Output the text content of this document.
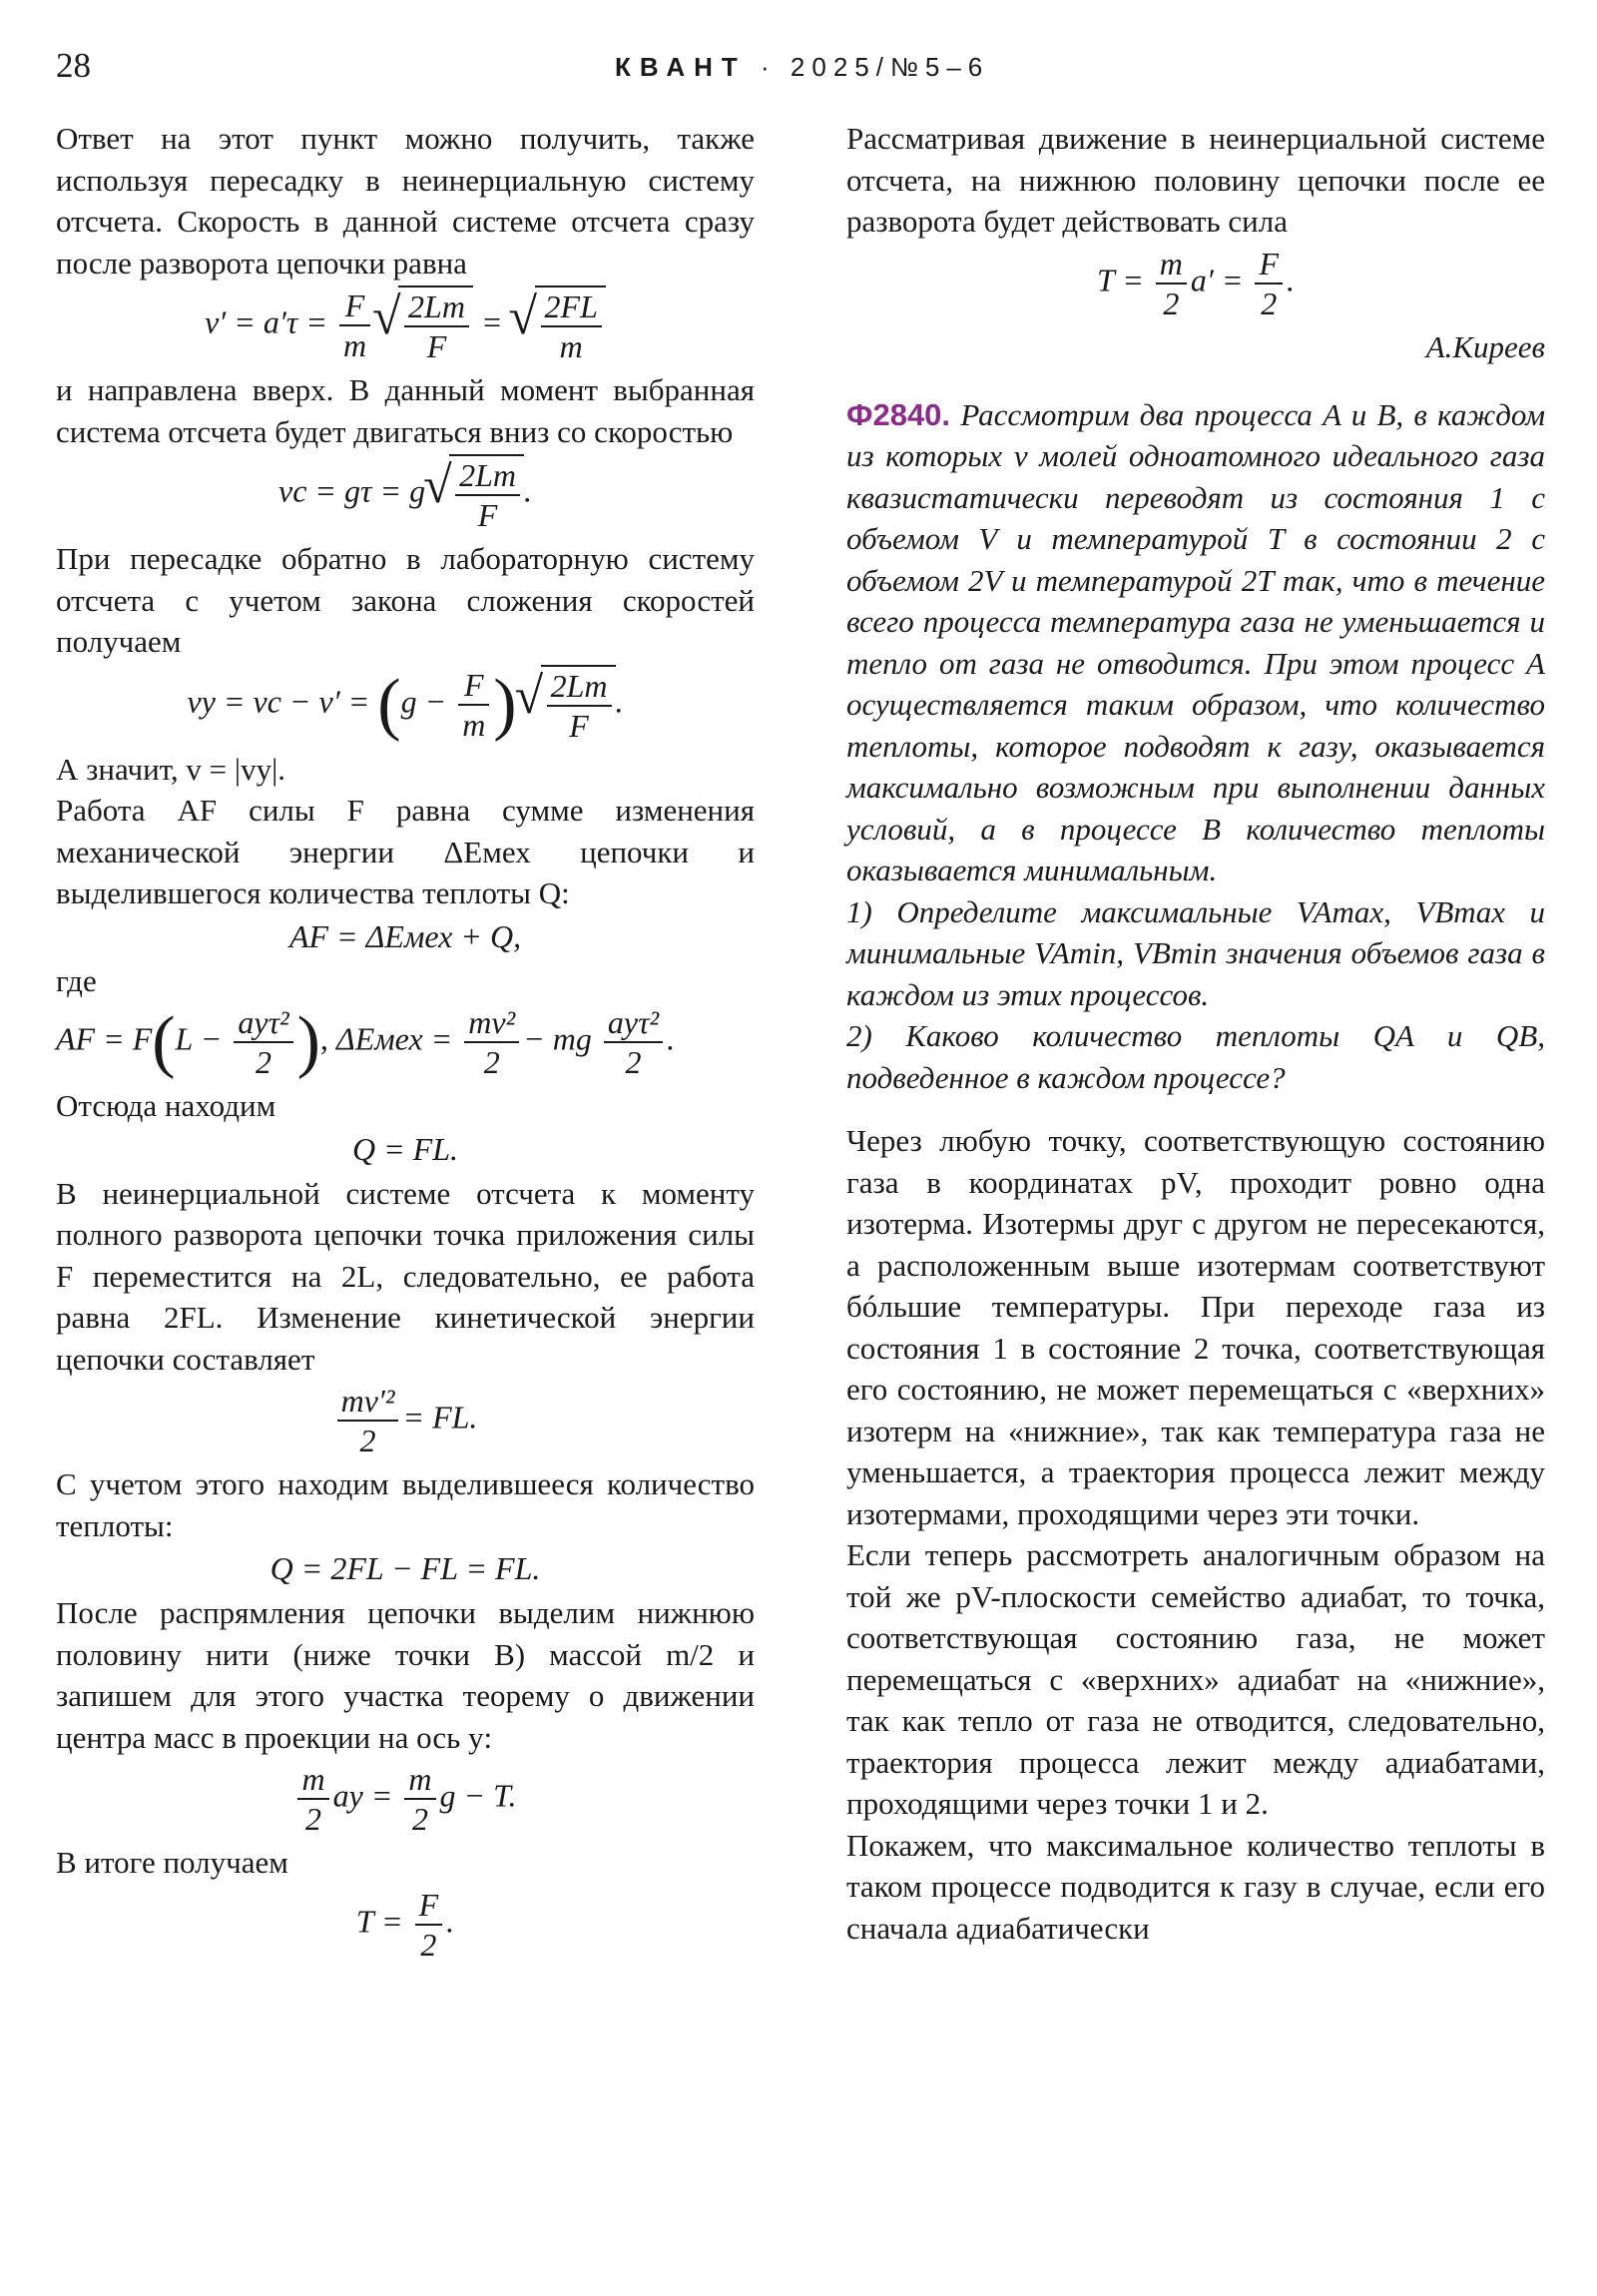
28	КВАНТ · 2025/№5–6

Ответ на этот пункт можно получить, также используя пересадку в неинерциальную систему отсчета. Скорость в данной системе отсчета сразу после разворота цепочки равна

$v' = a'\tau = \frac{F}{m}$ √ $\frac{2Lm}{F}$ = √ $\frac{2FL}{m}$

и направлена вверх. В данный момент выбранная система отсчета будет двигаться вниз со скоростью

vc = gτ = g √ $\frac{2Lm}{F}$ .

При пересадке обратно в лабораторную систему отсчета с учетом закона сложения скоростей получаем

vy = vc − $v' = (g - \frac{F}{m}$ ) √ $\frac{2Lm}{F}$ .

А значит, v = |vy|.

Работа AF силы F равна сумме изменения механической энергии ΔEмех цепочки и выделившегося количества теплоты Q:

AF = ΔEмех + Q,

где

AF = $F(L - \frac{\text{ayτ²}}{2}$ ), ΔEмех = $\frac{\text{mv²}}{2}$ − mg $\frac{\text{ayτ²}}{2}$ .

Отсюда находим

Q = FL.

В неинерциальной системе отсчета к моменту полного разворота цепочки точка приложения силы F переместится на 2L, следовательно, ее работа равна 2FL. Изменение кинетической энергии цепочки составляет

$\frac{\text{mv′²}}{2}$ = FL.

С учетом этого находим выделившееся количество теплоты:

Q = 2FL − FL = FL.

После распрямления цепочки выделим нижнюю половину нити (ниже точки B) массой m/2 и запишем для этого участка теорему о движении центра масс в проекции на ось y:

$\frac{m}{2}$ ay = $\frac{m}{2}$ g − T.

В итоге получаем

$T = \frac{F}{2}$ .

Рассматривая движение в неинерциальной системе отсчета, на нижнюю половину цепочки после ее разворота будет действовать сила

$T = \frac{m}{2} a' = \frac{F}{2}$ .
А.Киреев

Ф2840. Рассмотрим два процесса A и B, в каждом из которых ν молей одноатомного идеального газа квазистатически переводят из состояния 1 с объемом V и температурой T в состоянии 2 с объемом 2V и температурой 2T так, что в течение всего процесса температура газа не уменьшается и тепло от газа не отводится. При этом процесс A осуществляется таким образом, что количество теплоты, которое подводят к газу, оказывается максимально возможным при выполнении данных условий, а в процессе B количество теплоты оказывается минимальным.

1) Определите максимальные VAmax, VBmax и минимальные VAmin, VBmin значения объемов газа в каждом из этих процессов.

2) Каково количество теплоты QA и QB, подведенное в каждом процессе?

Через любую точку, соответствующую состоянию газа в координатах pV, проходит ровно одна изотерма. Изотермы друг с другом не пересекаются, а расположенным выше изотермам соответствуют бóльшие температуры. При переходе газа из состояния 1 в состояние 2 точка, соответствующая его состоянию, не может перемещаться с «верхних» изотерм на «нижние», так как температура газа не уменьшается, а траектория процесса лежит между изотермами, проходящими через эти точки.

Если теперь рассмотреть аналогичным образом на той же pV-плоскости семейство адиабат, то точка, соответствующая состоянию газа, не может перемещаться с «верхних» адиабат на «нижние», так как тепло от газа не отводится, следовательно, траектория процесса лежит между адиабатами, проходящими через точки 1 и 2.

Покажем, что максимальное количество теплоты в таком процессе подводится к газу в случае, если его сначала адиабатически
